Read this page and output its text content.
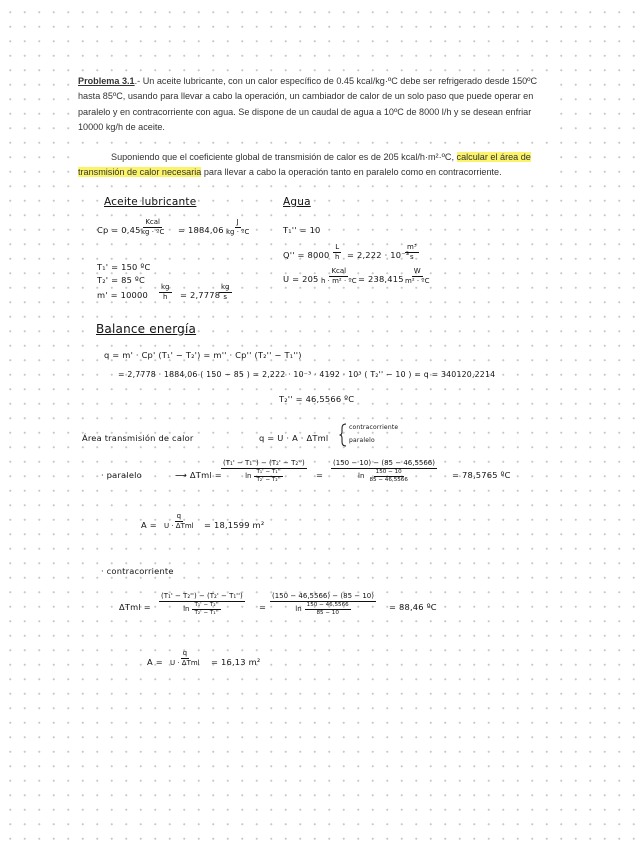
Problema 3.1.- Un aceite lubricante, con un calor específico de 0.45 kcal/kg·ºC debe ser refrigerado desde 150ºC hasta 85ºC, usando para llevar a cabo la operación, un cambiador de calor de un solo paso que puede operar en paralelo y en contracorriente con agua. Se dispone de un caudal de agua a 10ºC de 8000 l/h y se desean enfriar 10000 kg/h de aceite.
Suponiendo que el coeficiente global de transmisión de calor es de 205 kcal/h·m²·ºC, calcular el área de transmisión de calor necesaria para llevar a cabo la operación tanto en paralelo como en contracorriente.
Aceite lubricante
Cp = 0,45
Kcal
kg · ºC = $1884,06 \frac{J}{\text{kg · ºC}}$
T₁' = 150 ºC
T₂' = 85 ºC
$m' = 10000 \frac{kg}{h} = 2,7778$
$\frac{kg}{s}$
Agua
T₁'' = 10
$Q'' = 8000 \frac{L}{h} = 2,222 \cdot 10^{-3}$
$\frac{\text{m³}}{s}$
U = 205
Kcal
h · m² · ºC = $238,415 \frac{W}{\text{m² · ºC}}$
Balance energía
q = m' · Cp' (T₁' − T₂') = m'' · Cp'' (T₂'' − T₁'')
= 2,7778 · 1884,06 ( 150 − 85 ) = 2,222 · 10⁻³ · 4192 · 10³ ( T₂'' − 10 ) = q = 340120,2214
T₂'' = 46,5566 ºC
Área transmisión de calor	q = U · A · ΔTml
contracorriente
paralelo
· paralelo	⟶ $\Delta Tml = \frac{\text{(T₁' − T₁'') − (T₂' − T₂'')}}{\ln \frac{\text{T₁' − T₁''}}{\text{T₂' − T₂''}}} = \frac{(150 - 10) - (85 - 46,5566)}{\ln \frac{150 - 10}{85 - 46,5566}} = 78,5765$ ºC
A =
q
U · ΔTml = 18,1599 m²
· contracorriente
$\Delta Tml = \frac{\text{(T₁' − T₂'') − (T₂' − T₁'')}}{\ln \frac{\text{T₁' − T₂''}}{\text{T₂' − T₁''}}} = \frac{(150 - 46,5566) - (85 - 10)}{\ln \frac{150 - 46,5566}{85 - 10}} = 88,46$ ºC
A =
q
U · ΔTml = 16,13 m²
